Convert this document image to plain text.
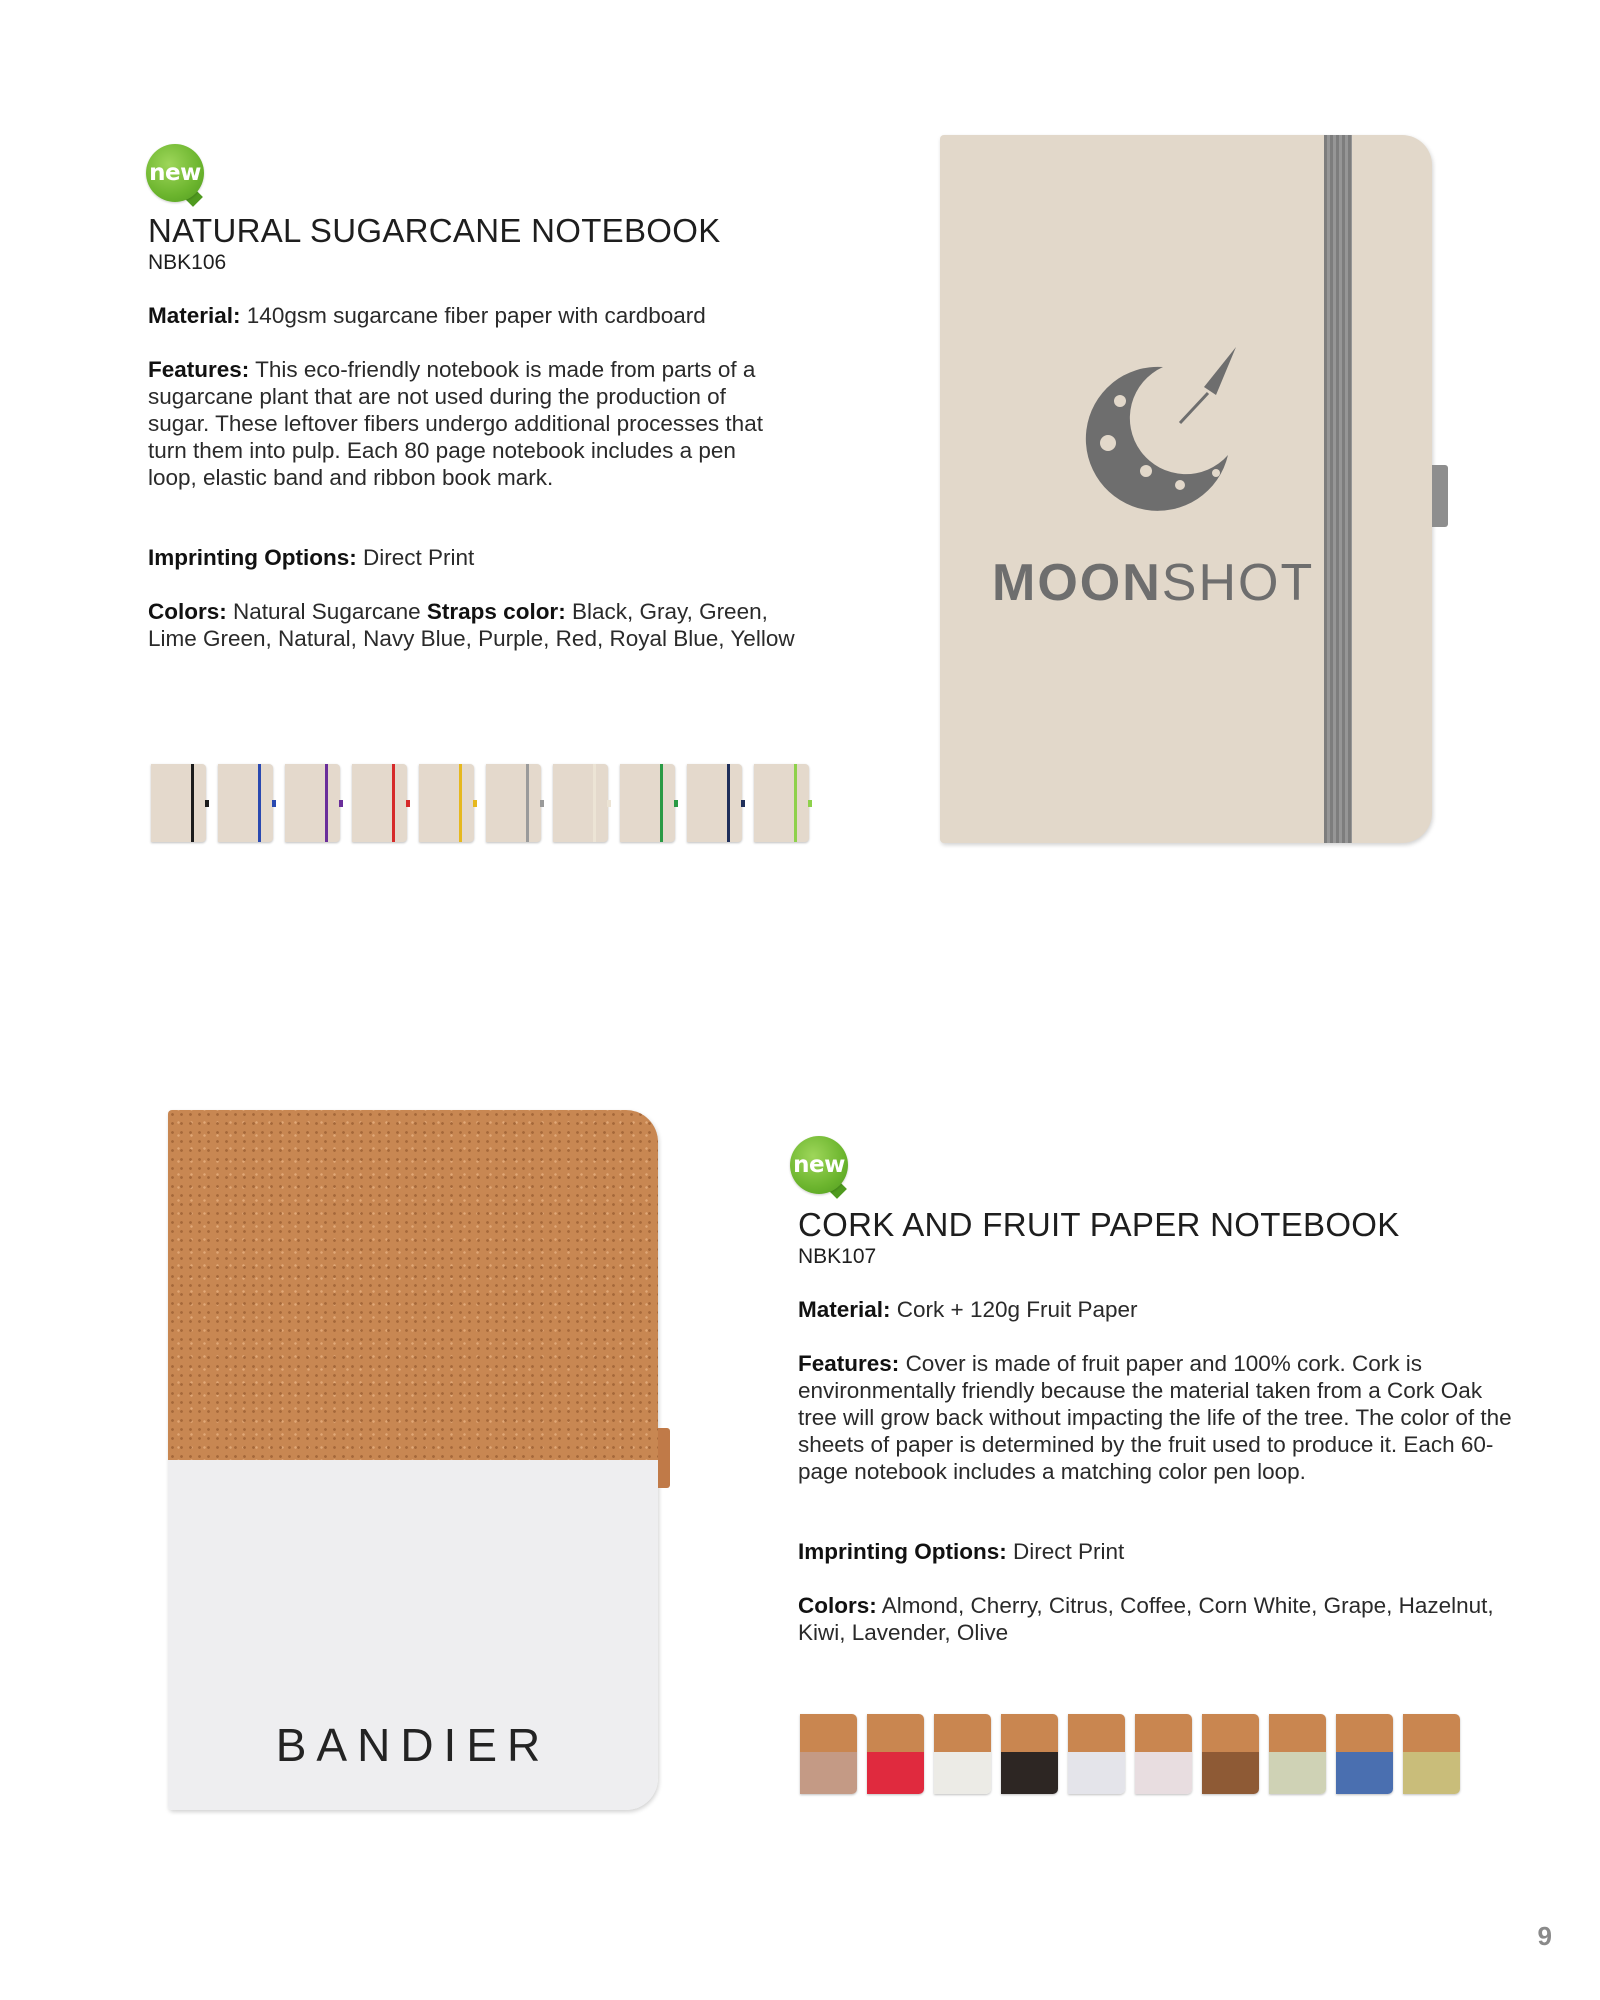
new
NATURAL SUGARCANE NOTEBOOK
NBK106

Material: 140gsm sugarcane fiber paper with cardboard

Features: This eco-friendly notebook is made from parts of a sugarcane plant that are not used during the production of sugar. These leftover fibers undergo additional processes that turn them into pulp. Each 80 page notebook includes a pen loop, elastic band and ribbon book mark.

Imprinting Options: Direct Print

Colors: Natural Sugarcane Straps color: Black, Gray, Green, Lime Green, Natural, Navy Blue, Purple, Red, Royal Blue, Yellow

MOONSHOT
BANDIER
new
CORK AND FRUIT PAPER NOTEBOOK
NBK107

Material: Cork + 120g Fruit Paper

Features: Cover is made of fruit paper and 100% cork. Cork is environmentally friendly because the material taken from a Cork Oak tree will grow back without impacting the life of the tree. The color of the sheets of paper is determined by the fruit used to produce it. Each 60-page notebook includes a matching color pen loop.

Imprinting Options: Direct Print

Colors: Almond, Cherry, Citrus, Coffee, Corn White, Grape, Hazelnut, Kiwi, Lavender, Olive

9
